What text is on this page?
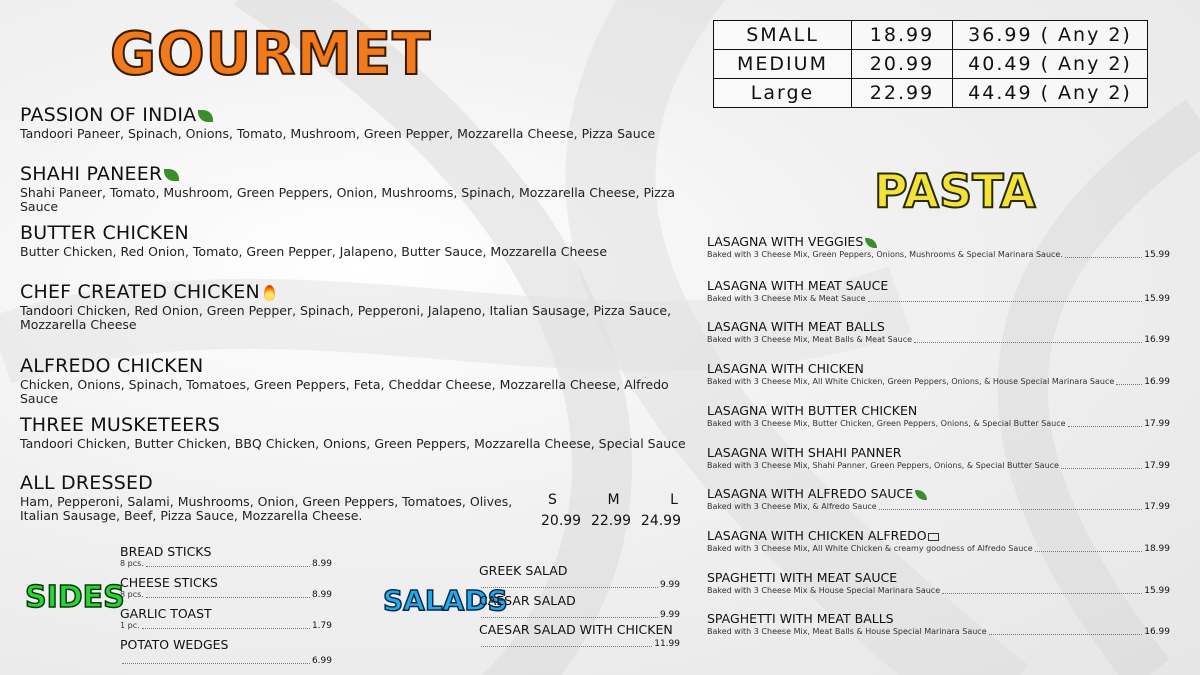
GOURMET
PASTA
SIDES	SALADS
PASSION OF INDIA
Tandoori Paneer, Spinach, Onions, Tomato, Mushroom, Green Pepper, Mozzarella Cheese, Pizza Sauce
SHAHI PANEER
Shahi Paneer, Tomato, Mushroom, Green Peppers, Onion, Mushrooms, Spinach, Mozzarella Cheese, Pizza Sauce
BUTTER CHICKEN
Butter Chicken, Red Onion, Tomato, Green Pepper, Jalapeno, Butter Sauce, Mozzarella Cheese
CHEF CREATED CHICKEN
Tandoori Chicken, Red Onion, Green Pepper, Spinach, Pepperoni, Jalapeno, Italian Sausage, Pizza Sauce, Mozzarella Cheese
ALFREDO CHICKEN
Chicken, Onions, Spinach, Tomatoes, Green Peppers, Feta, Cheddar Cheese, Mozzarella Cheese, Alfredo Sauce
THREE MUSKETEERS
Tandoori Chicken, Butter Chicken, BBQ Chicken, Onions, Green Peppers, Mozzarella Cheese, Special Sauce
ALL DRESSED
Ham, Pepperoni, Salami, Mushrooms, Onion, Green Peppers, Tomatoes, Olives, Italian Sausage, Beef, Pizza Sauce, Mozzarella Cheese.
S	M	L
20.99 22.99 24.99
SMALL	18.99	36.99 ( Any 2)
MEDIUM	20.99	40.49 ( Any 2)
Large	22.99	44.49 ( Any 2)
LASAGNA WITH VEGGIES
Baked with 3 Cheese Mix, Green Peppers, Onions, Mushrooms & Special Marinara Sauce.	15.99
LASAGNA WITH MEAT SAUCE
Baked with 3 Cheese Mix & Meat Sauce	15.99
LASAGNA WITH MEAT BALLS
Baked with 3 Cheese Mix, Meat Balls & Meat Sauce	16.99
LASAGNA WITH CHICKEN
Baked with 3 Cheese Mix, All White Chicken, Green Peppers, Onions, & House Special Marinara Sauce	16.99
LASAGNA WITH BUTTER CHICKEN
Baked with 3 Cheese Mix, Butter Chicken, Green Peppers, Onions, & Special Butter Sauce	17.99
LASAGNA WITH SHAHI PANNER
Baked with 3 Cheese Mix, Shahi Panner, Green Peppers, Onions, & Special Butter Sauce	17.99
LASAGNA WITH ALFREDO SAUCE
Baked with 3 Cheese Mix, & Alfredo Sauce	17.99
LASAGNA WITH CHICKEN ALFREDO
Baked with 3 Cheese Mix, All White Chicken & creamy goodness of Alfredo Sauce	18.99
SPAGHETTI WITH MEAT SAUCE
Baked with 3 Cheese Mix & House Special Marinara Sauce	15.99
SPAGHETTI WITH MEAT BALLS
Baked with 3 Cheese Mix, Meat Balls & House Special Marinara Sauce	16.99
BREAD STICKS
8 pcs.	8.99
CHEESE STICKS
8 pcs.	8.99
GARLIC TOAST
1 pc.	1.79
POTATO WEDGES
6.99
GREEK SALAD
9.99
CAESAR SALAD
9.99
CAESAR SALAD WITH CHICKEN
11.99
